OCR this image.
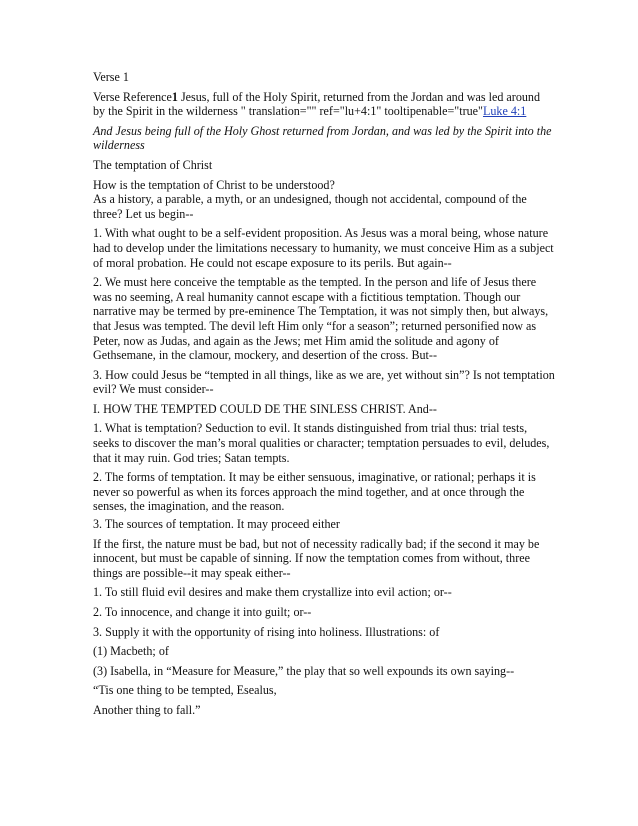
Verse 1

Verse Reference1 Jesus, full of the Holy Spirit, returned from the Jordan and was led around by the Spirit in the wilderness " translation="" ref="lu+4:1" tooltipenable="true"Luke 4:1

And Jesus being full of the Holy Ghost returned from Jordan, and was led by the Spirit into the wilderness

The temptation of Christ

How is the temptation of Christ to be understood?

As a history, a parable, a myth, or an undesigned, though not accidental, compound of the three? Let us begin--

1. With what ought to be a self-evident proposition. As Jesus was a moral being, whose nature had to develop under the limitations necessary to humanity, we must conceive Him as a subject of moral probation. He could not escape exposure to its perils. But again--

2. We must here conceive the temptable as the tempted. In the person and life of Jesus there was no seeming, A real humanity cannot escape with a fictitious temptation. Though our narrative may be termed by pre-eminence The Temptation, it was not simply then, but always, that Jesus was tempted. The devil left Him only “for a season”; returned personified now as Peter, now as Judas, and again as the Jews; met Him amid the solitude and agony of Gethsemane, in the clamour, mockery, and desertion of the cross. But--

3. How could Jesus be “tempted in all things, like as we are, yet without sin”? Is not temptation evil? We must consider--

I. HOW THE TEMPTED COULD DE THE SINLESS CHRIST. And--

1. What is temptation? Seduction to evil. It stands distinguished from trial thus: trial tests, seeks to discover the man’s moral qualities or character; temptation persuades to evil, deludes, that it may ruin. God tries; Satan tempts.

2. The forms of temptation. It may be either sensuous, imaginative, or rational; perhaps it is never so powerful as when its forces approach the mind together, and at once through the senses, the imagination, and the reason.

3. The sources of temptation. It may proceed either

If the first, the nature must be bad, but not of necessity radically bad; if the second it may be innocent, but must be capable of sinning. If now the temptation comes from without, three things are possible--it may speak either--

1. To still fluid evil desires and make them crystallize into evil action; or--

2. To innocence, and change it into guilt; or--

3. Supply it with the opportunity of rising into holiness. Illustrations: of

(1) Macbeth; of

(3) Isabella, in “Measure for Measure,” the play that so well expounds its own saying--

“Tis one thing to be tempted, Esealus,

Another thing to fall.”
